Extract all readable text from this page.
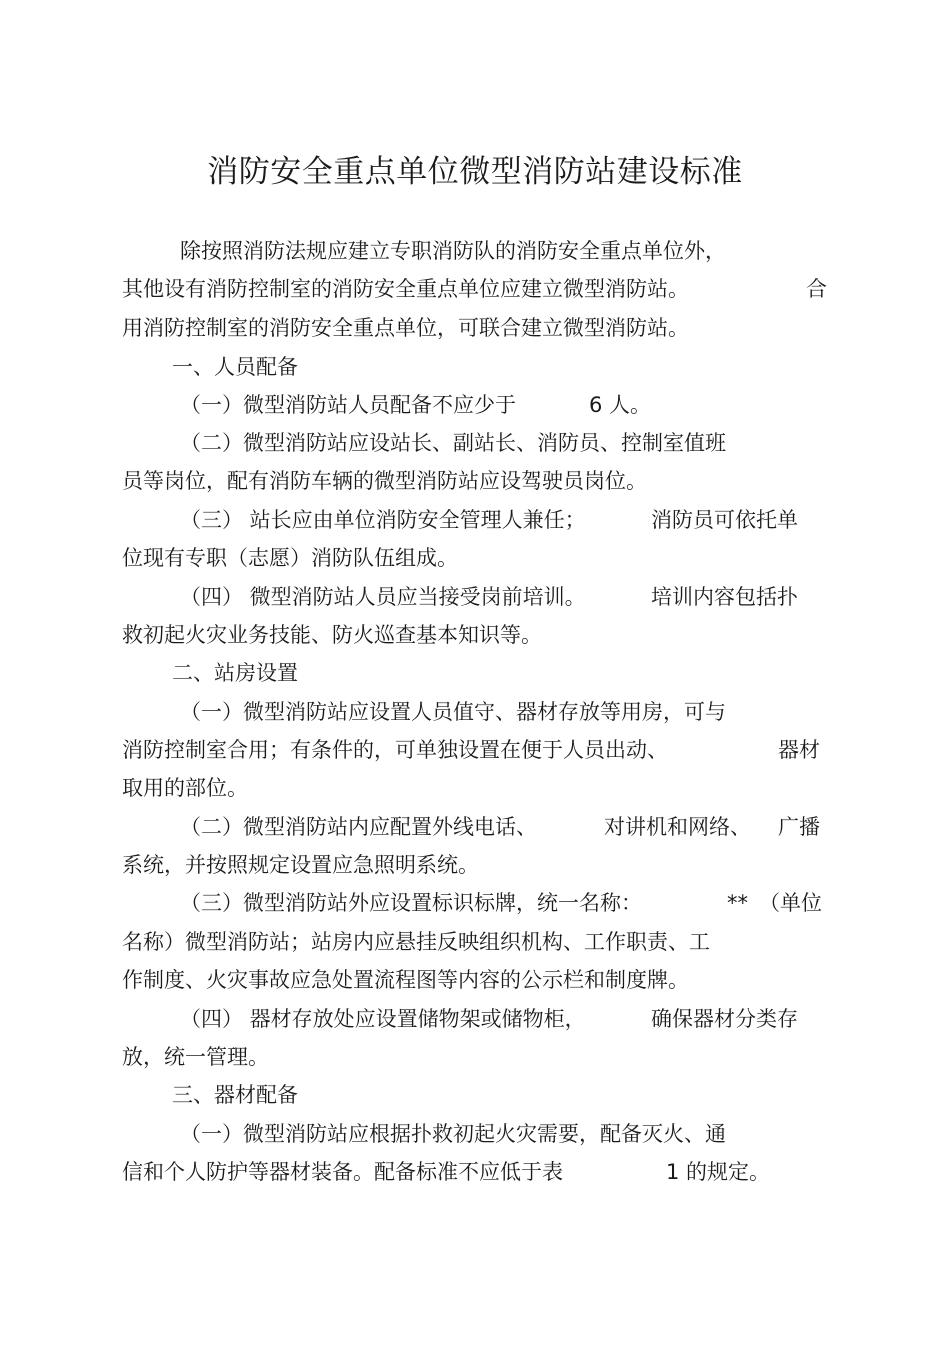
消防安全重点单位微型消防站建设标准
除按照消防法规应建立专职消防队的消防安全重点单位外，
其他设有消防控制室的消防安全重点单位应建立微型消防站。	合
用消防控制室的消防安全重点单位，可联合建立微型消防站。
一、人员配备
（一）微型消防站人员配备不应少于	6 人。
（二）微型消防站应设站长、副站长、消防员、控制室值班
员等岗位，配有消防车辆的微型消防站应设驾驶员岗位。
（三） 站长应由单位消防安全管理人兼任；	消防员可依托单
位现有专职（志愿）消防队伍组成。
（四） 微型消防站人员应当接受岗前培训。	培训内容包括扑
救初起火灾业务技能、防火巡查基本知识等。
二、站房设置
（一）微型消防站应设置人员值守、器材存放等用房，可与
消防控制室合用；有条件的，可单独设置在便于人员出动、	器材
取用的部位。
（二）微型消防站内应配置外线电话、	对讲机和网络、 广播
系统，并按照规定设置应急照明系统。
（三）微型消防站外应设置标识标牌，统一名称：	** （单位
名称）微型消防站；站房内应悬挂反映组织机构、工作职责、工
作制度、火灾事故应急处置流程图等内容的公示栏和制度牌。
（四） 器材存放处应设置储物架或储物柜，	确保器材分类存
放，统一管理。
三、器材配备
（一）微型消防站应根据扑救初起火灾需要，配备灭火、通
信和个人防护等器材装备。配备标准不应低于表	1 的规定。
